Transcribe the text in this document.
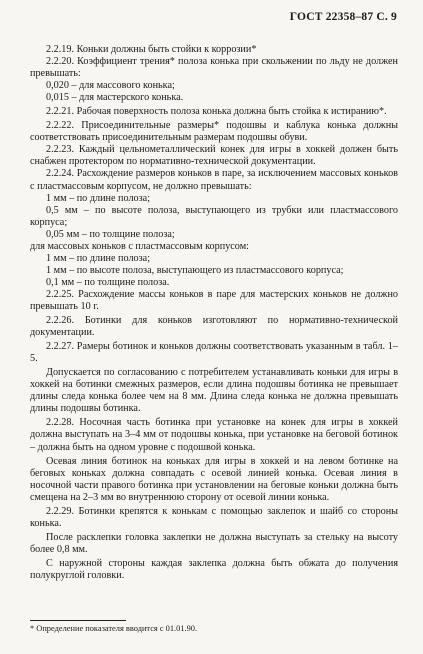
ГОСТ 22358–87 С. 9

2.2.19. Коньки должны быть стойки к коррозии*

2.2.20. Коэффициент трения* полоза конька при скольжении по льду не должен превышать:

0,020 – для массового конька;

0,015 – для мастерского конька.

2.2.21. Рабочая поверхность полоза конька должна быть стойка к истиранию*.

2.2.22. Присоединительные размеры* подошвы и каблука конька должны соответствовать присоединительным размерам подошвы обуви.

2.2.23. Каждый цельнометаллический конек для игры в хоккей должен быть снабжен протектором по нормативно-технической документации.

2.2.24. Расхождение размеров коньков в паре, за исключением массовых коньков с пластмассовым корпусом, не должно превышать:

1 мм – по длине полоза;

0,5 мм – по высоте полоза, выступающего из трубки или пластмассового корпуса;

0,05 мм – по толщине полоза;

для массовых коньков с пластмассовым корпусом:

1 мм – по длине полоза;

1 мм – по высоте полоза, выступающего из пластмассового корпуса;

0,1 мм – по толщине полоза.

2.2.25. Расхождение массы коньков в паре для мастерских коньков не должно превышать 10 г.

2.2.26. Ботинки для коньков изготовляют по нормативно-технической документации.

2.2.27. Рамеры ботинок и коньков должны соответствовать указанным в табл. 1–5.

Допускается по согласованию с потребителем устанавливать коньки для игры в хоккей на ботинки смежных размеров, если длина подошвы ботинка не превышает длины следа конька более чем на 8 мм. Длина следа конька не должна превышать длины подошвы ботинка.

2.2.28. Носочная часть ботинка при установке на конек для игры в хоккей должна выступать на 3–4 мм от подошвы конька, при установке на беговой ботинок – должна быть на одном уровне с подошвой конька.

Осевая линия ботинок на коньках для игры в хоккей и на левом ботинке на беговых коньках должна совпадать с осевой линией конька. Осевая линия в носочной части правого ботинка при установлении на беговые коньки должна быть смещена на 2–3 мм во внутреннюю сторону от осевой линии конька.

2.2.29. Ботинки крепятся к конькам с помощью заклепок и шайб со стороны конька.

После расклепки головка заклепки не должна выступать за стельку на высоту более 0,8 мм.

С наружной стороны каждая заклепка должна быть обжата до получения полукруглой головки.

* Определение показателя вводится с 01.01.90.
